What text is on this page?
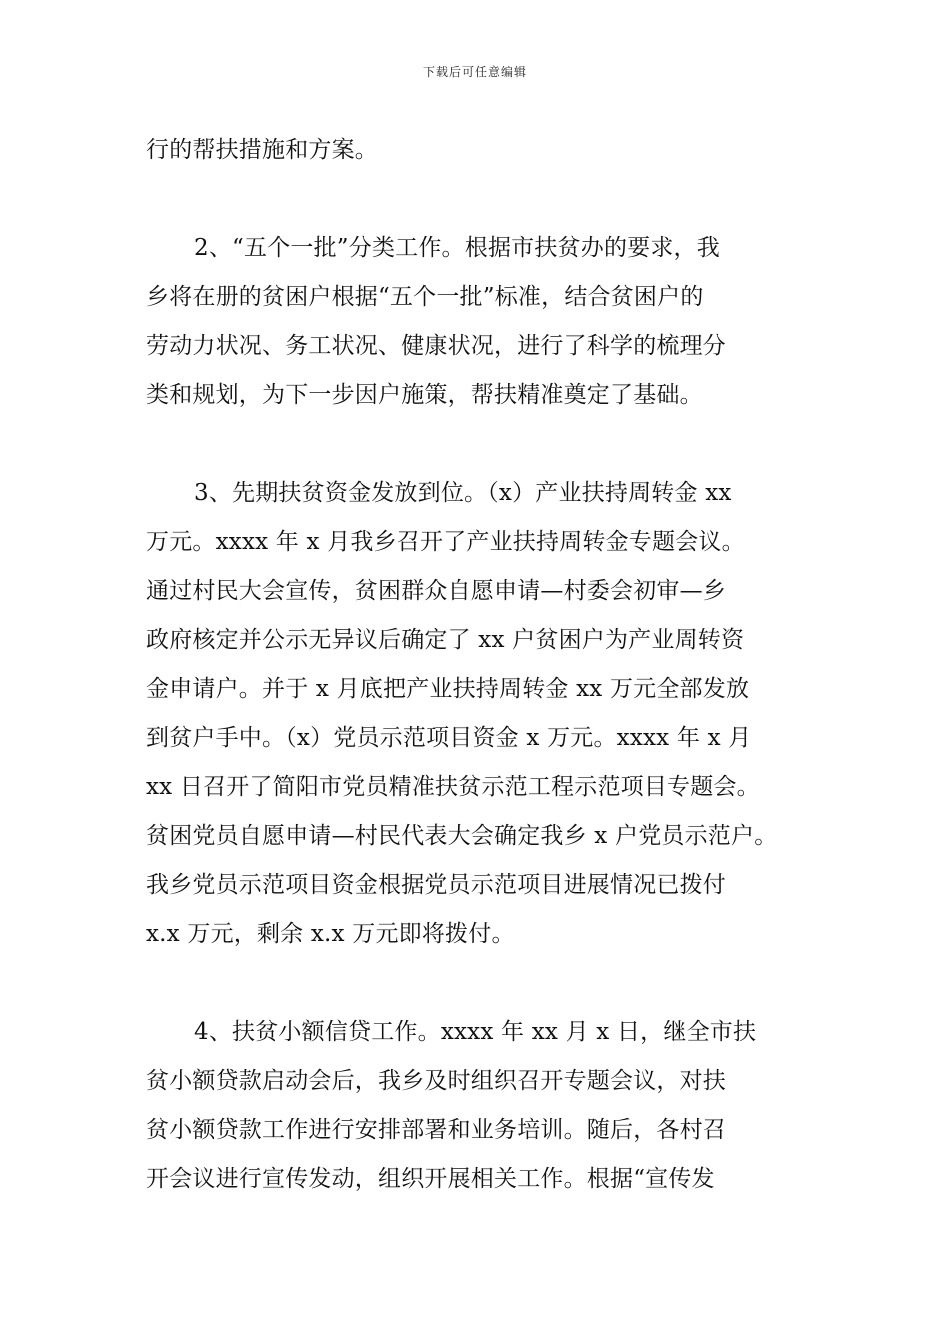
下载后可任意编辑
行的帮扶措施和方案。
2、“五个一批”分类工作。根据市扶贫办的要求，我
乡将在册的贫困户根据“五个一批”标准，结合贫困户的
劳动力状况、务工状况、健康状况，进行了科学的梳理分
类和规划，为下一步因户施策，帮扶精准奠定了基础。
3、先期扶贫资金发放到位。（x）产业扶持周转金 xx
万元。xxxx 年 x 月我乡召开了产业扶持周转金专题会议。
通过村民大会宣传，贫困群众自愿申请—村委会初审—乡
政府核定并公示无异议后确定了 xx 户贫困户为产业周转资
金申请户。并于 x 月底把产业扶持周转金 xx 万元全部发放
到贫户手中。（x）党员示范项目资金 x 万元。xxxx 年 x 月
xx 日召开了简阳市党员精准扶贫示范工程示范项目专题会。
贫困党员自愿申请—村民代表大会确定我乡 x 户党员示范户。
我乡党员示范项目资金根据党员示范项目进展情况已拨付
x.x 万元，剩余 x.x 万元即将拨付。
4、扶贫小额信贷工作。xxxx 年 xx 月 x 日，继全市扶
贫小额贷款启动会后，我乡及时组织召开专题会议，对扶
贫小额贷款工作进行安排部署和业务培训。随后，各村召
开会议进行宣传发动，组织开展相关工作。根据“宣传发
